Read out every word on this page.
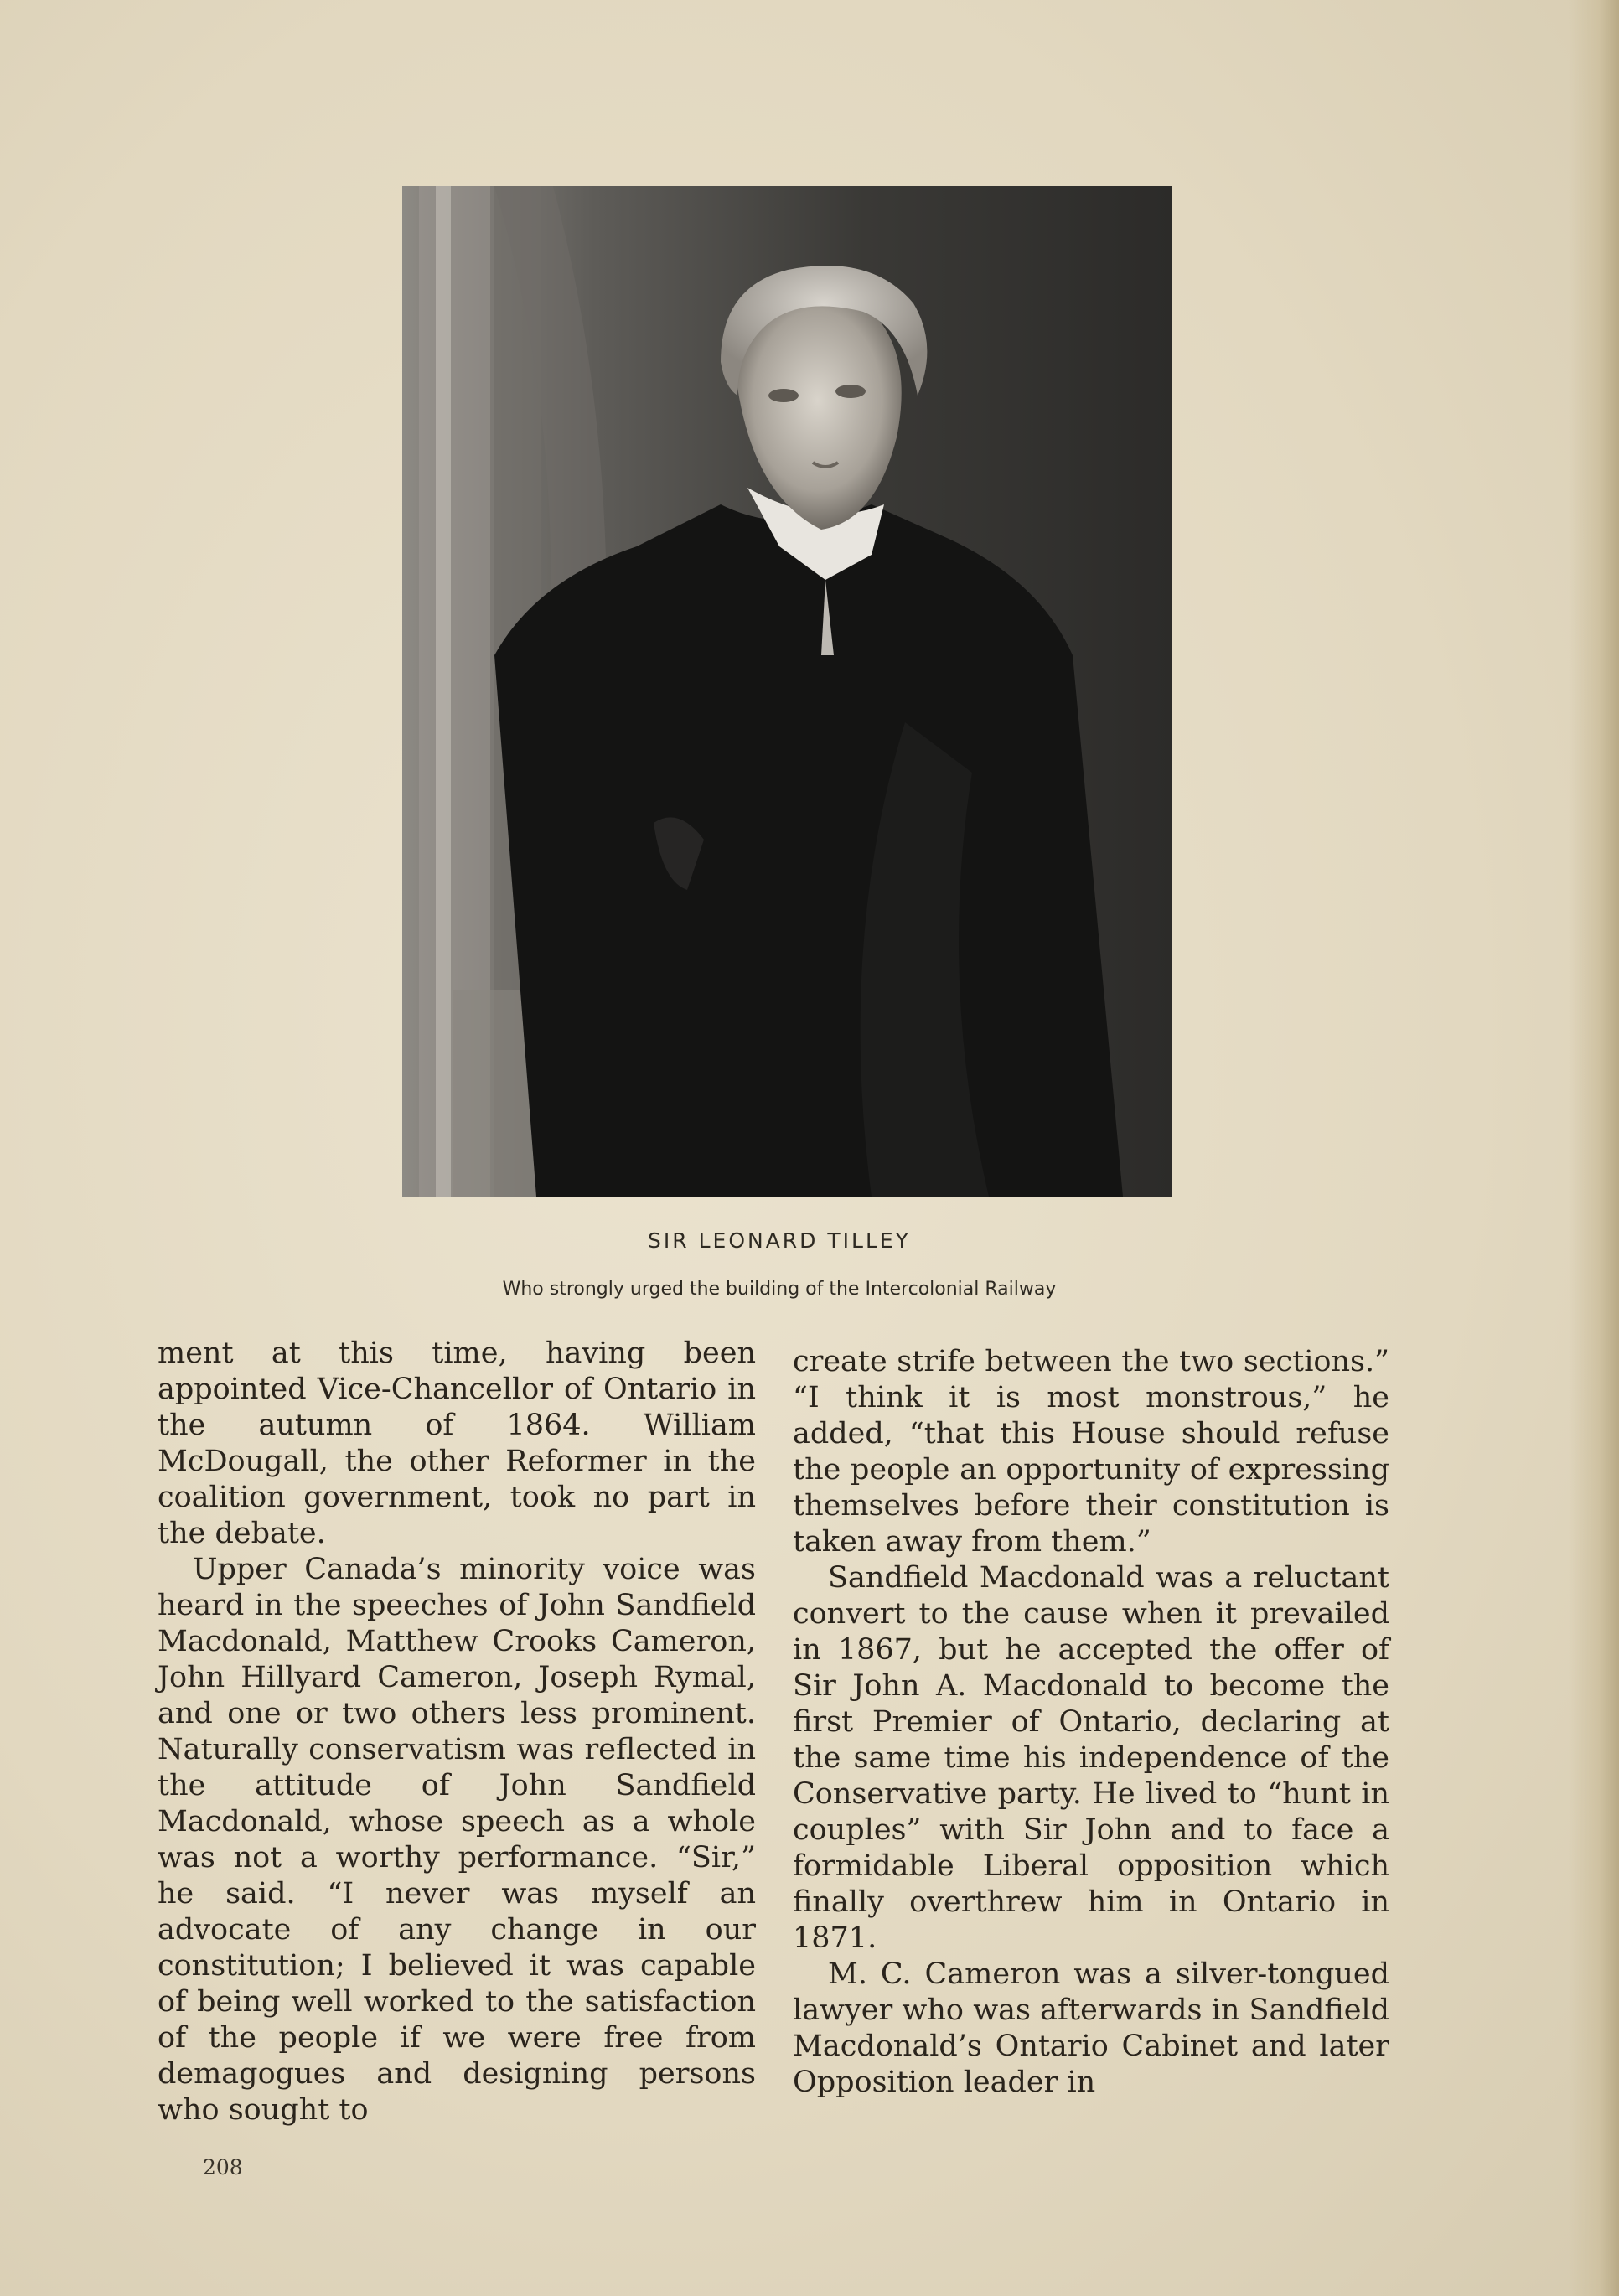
SIR LEONARD TILLEY

Who strongly urged the building of the Intercolonial Railway

ment at this time, having been appointed Vice-Chancellor of Ontario in the autumn of 1864. William McDougall, the other Reformer in the coalition government, took no part in the debate.

Upper Canada’s minority voice was heard in the speeches of John Sandfield Macdonald, Matthew Crooks Cameron, John Hillyard Cameron, Joseph Rymal, and one or two others less prominent. Naturally conservatism was reflected in the attitude of John Sandfield Macdonald, whose speech as a whole was not a worthy performance. “Sir,” he said. “I never was myself an advocate of any change in our constitution; I believed it was capable of being well worked to the satisfaction of the people if we were free from demagogues and designing persons who sought to

create strife between the two sections.” “I think it is most monstrous,” he added, “that this House should refuse the people an opportunity of expressing themselves before their constitution is taken away from them.”

Sandfield Macdonald was a reluctant convert to the cause when it prevailed in 1867, but he accepted the offer of Sir John A. Macdonald to become the first Premier of Ontario, declaring at the same time his independence of the Conservative party. He lived to “hunt in couples” with Sir John and to face a formidable Liberal opposition which finally overthrew him in Ontario in 1871.

M. C. Cameron was a silver-tongued lawyer who was afterwards in Sandfield Macdonald’s Ontario Cabinet and later Opposition leader in

208
